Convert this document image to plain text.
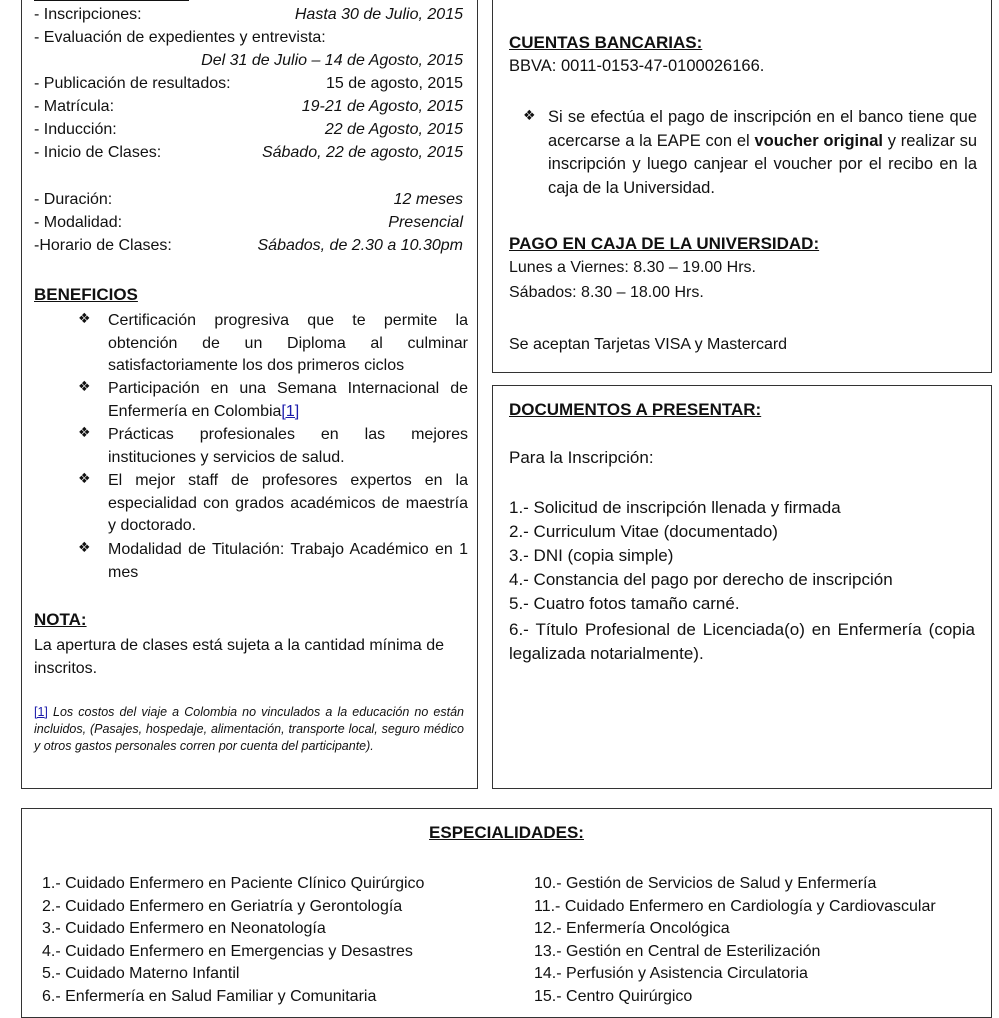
- Inscripciones:	Hasta 30 de Julio, 2015
- Evaluación de expedientes y entrevista:
Del 31 de Julio – 14 de Agosto, 2015
- Publicación de resultados:	15 de agosto, 2015
- Matrícula:	19-21 de Agosto, 2015
- Inducción:	22 de Agosto, 2015
- Inicio de Clases:	Sábado, 22 de agosto, 2015
- Duración:	12 meses
- Modalidad:	Presencial
-Horario de Clases:	Sábados, de 2.30 a 10.30pm
BENEFICIOS
❖ Certificación progresiva que te permite la obtención de un Diploma al culminar satisfactoriamente los dos primeros ciclos
❖ Participación en una Semana Internacional de Enfermería en Colombia[1]
❖ Prácticas profesionales en las mejores instituciones y servicios de salud.
❖ El mejor staff de profesores expertos en la especialidad con grados académicos de maestría y doctorado.
❖ Modalidad de Titulación: Trabajo Académico en 1 mes
NOTA:
La apertura de clases está sujeta a la cantidad mínima de inscritos.
[1] Los costos del viaje a Colombia no vinculados a la educación no están incluidos, (Pasajes, hospedaje, alimentación, transporte local, seguro médico y otros gastos personales corren por cuenta del participante).
CUENTAS BANCARIAS:
BBVA: 0011-0153-47-0100026166.
❖ Si se efectúa el pago de inscripción en el banco tiene que acercarse a la EAPE con el voucher original y realizar su inscripción y luego canjear el voucher por el recibo en la caja de la Universidad.
PAGO EN CAJA DE LA UNIVERSIDAD:
Lunes a Viernes: 8.30 – 19.00 Hrs.
Sábados: 8.30 – 18.00 Hrs.
Se aceptan Tarjetas VISA y Mastercard
DOCUMENTOS A PRESENTAR:
Para la Inscripción:
1.- Solicitud de inscripción llenada y firmada
2.- Curriculum Vitae (documentado)
3.- DNI (copia simple)
4.- Constancia del pago por derecho de inscripción
5.- Cuatro fotos tamaño carné.
6.- Título Profesional de Licenciada(o) en Enfermería (copia legalizada notarialmente).
ESPECIALIDADES:
1.- Cuidado Enfermero en Paciente Clínico Quirúrgico
2.- Cuidado Enfermero en Geriatría y Gerontología
3.- Cuidado Enfermero en Neonatología
4.- Cuidado Enfermero en Emergencias y Desastres
5.- Cuidado Materno Infantil
6.- Enfermería en Salud Familiar y Comunitaria
10.- Gestión de Servicios de Salud y Enfermería
11.- Cuidado Enfermero en Cardiología y Cardiovascular
12.- Enfermería Oncológica
13.- Gestión en Central de Esterilización
14.- Perfusión y Asistencia Circulatoria
15.- Centro Quirúrgico
